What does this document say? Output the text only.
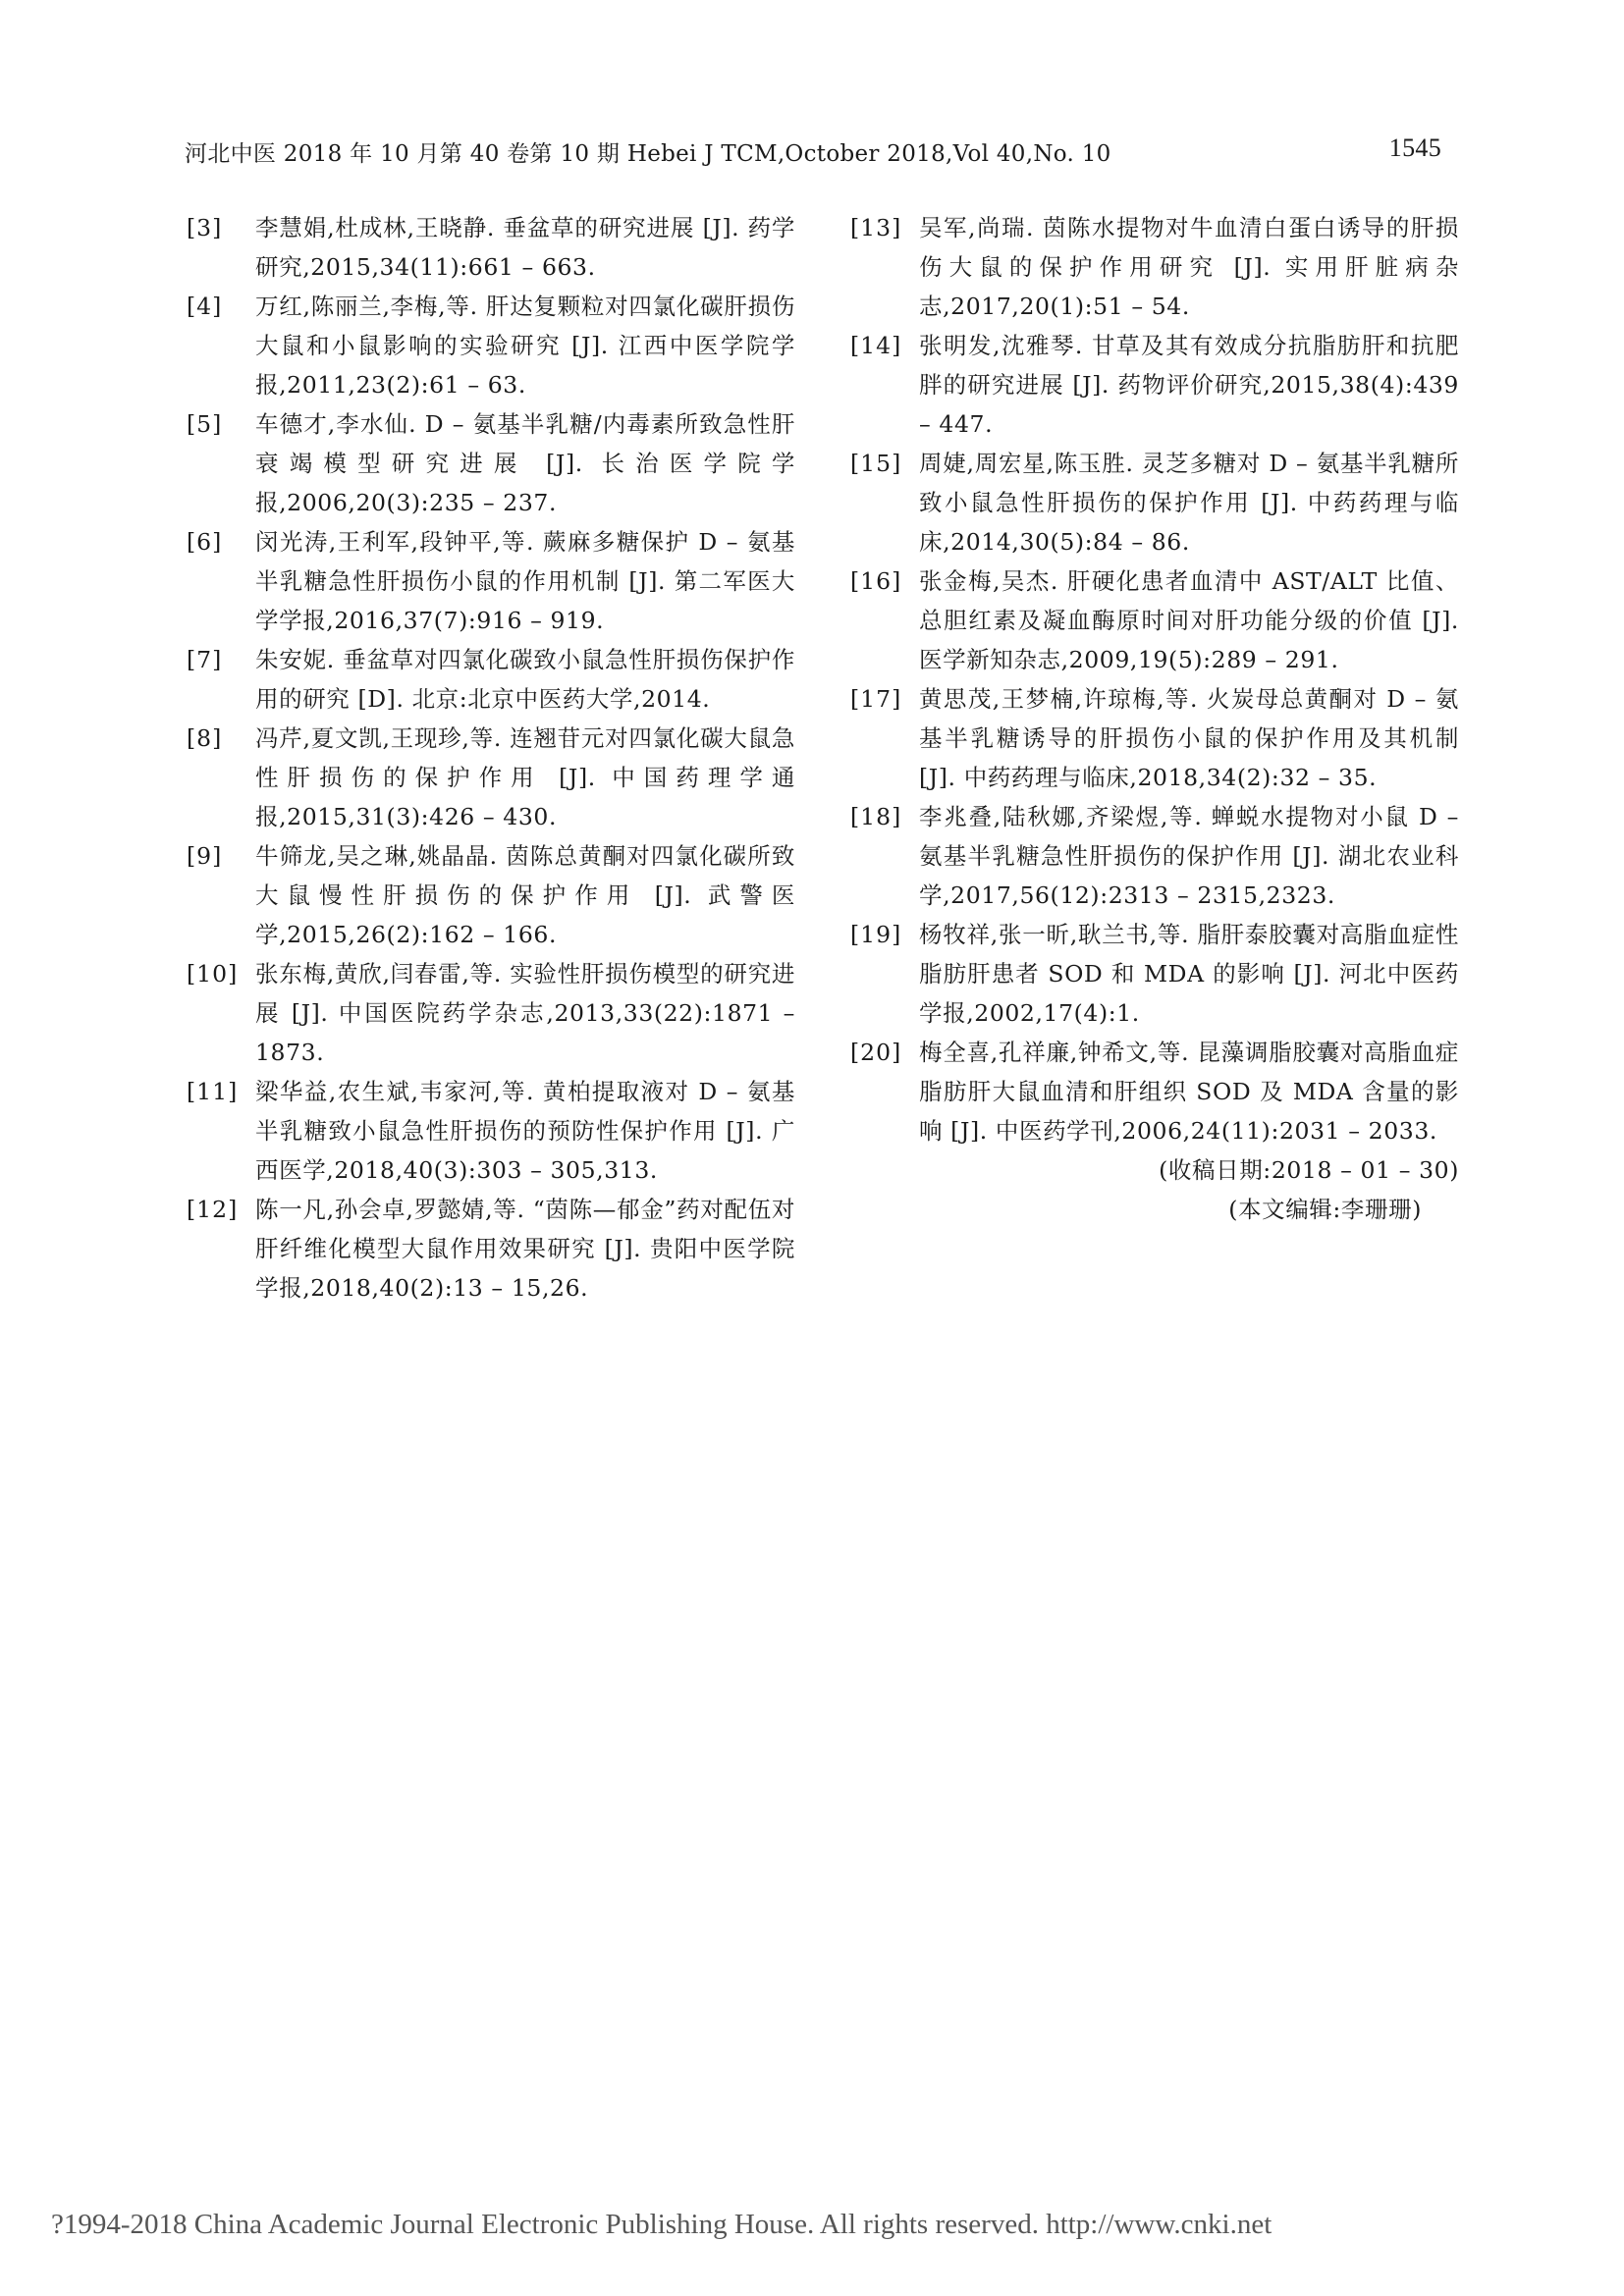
河北中医 2018 年 10 月第 40 卷第 10 期 Hebei J TCM,October 2018,Vol 40,No. 10	1545
[3]	李慧娟,杜成林,王晓静. 垂盆草的研究进展 [J]. 药学研究,2015,34(11):661 – 663.
[4]	万红,陈丽兰,李梅,等. 肝达复颗粒对四氯化碳肝损伤大鼠和小鼠影响的实验研究 [J]. 江西中医学院学报,2011,23(2):61 – 63.
[5]	车德才,李水仙. D – 氨基半乳糖/内毒素所致急性肝衰竭模型研究进展 [J]. 长治医学院学报,2006,20(3):235 – 237.
[6]	闵光涛,王利军,段钟平,等. 蕨麻多糖保护 D – 氨基半乳糖急性肝损伤小鼠的作用机制 [J]. 第二军医大学学报,2016,37(7):916 – 919.
[7]	朱安妮. 垂盆草对四氯化碳致小鼠急性肝损伤保护作用的研究 [D]. 北京:北京中医药大学,2014.
[8]	冯芹,夏文凯,王现珍,等. 连翘苷元对四氯化碳大鼠急性肝损伤的保护作用 [J]. 中国药理学通报,2015,31(3):426 – 430.
[9]	牛筛龙,吴之琳,姚晶晶. 茵陈总黄酮对四氯化碳所致大鼠慢性肝损伤的保护作用 [J]. 武警医学,2015,26(2):162 – 166.
[10] 张东梅,黄欣,闫春雷,等. 实验性肝损伤模型的研究进展 [J]. 中国医院药学杂志,2013,33(22):1871 – 1873.
[11] 梁华益,农生斌,韦家河,等. 黄柏提取液对 D – 氨基半乳糖致小鼠急性肝损伤的预防性保护作用 [J]. 广西医学,2018,40(3):303 – 305,313.
[12] 陈一凡,孙会卓,罗懿婧,等. “茵陈—郁金”药对配伍对肝纤维化模型大鼠作用效果研究 [J]. 贵阳中医学院学报,2018,40(2):13 – 15,26.
[13] 吴军,尚瑞. 茵陈水提物对牛血清白蛋白诱导的肝损伤大鼠的保护作用研究 [J]. 实用肝脏病杂志,2017,20(1):51 – 54.
[14] 张明发,沈雅琴. 甘草及其有效成分抗脂肪肝和抗肥胖的研究进展 [J]. 药物评价研究,2015,38(4):439 – 447.
[15] 周婕,周宏星,陈玉胜. 灵芝多糖对 D – 氨基半乳糖所致小鼠急性肝损伤的保护作用 [J]. 中药药理与临床,2014,30(5):84 – 86.
[16] 张金梅,吴杰. 肝硬化患者血清中 AST/ALT 比值、总胆红素及凝血酶原时间对肝功能分级的价值 [J]. 医学新知杂志,2009,19(5):289 – 291.
[17] 黄思茂,王梦楠,许琼梅,等. 火炭母总黄酮对 D – 氨基半乳糖诱导的肝损伤小鼠的保护作用及其机制 [J]. 中药药理与临床,2018,34(2):32 – 35.
[18] 李兆叠,陆秋娜,齐梁煜,等. 蝉蜕水提物对小鼠 D – 氨基半乳糖急性肝损伤的保护作用 [J]. 湖北农业科学,2017,56(12):2313 – 2315,2323.
[19] 杨牧祥,张一昕,耿兰书,等. 脂肝泰胶囊对高脂血症性脂肪肝患者 SOD 和 MDA 的影响 [J]. 河北中医药学报,2002,17(4):1.
[20] 梅全喜,孔祥廉,钟希文,等. 昆藻调脂胶囊对高脂血症脂肪肝大鼠血清和肝组织 SOD 及 MDA 含量的影响 [J]. 中医药学刊,2006,24(11):2031 – 2033.
(收稿日期:2018 – 01 – 30)
(本文编辑:李珊珊)
?1994-2018 China Academic Journal Electronic Publishing House. All rights reserved. http://www.cnki.net
